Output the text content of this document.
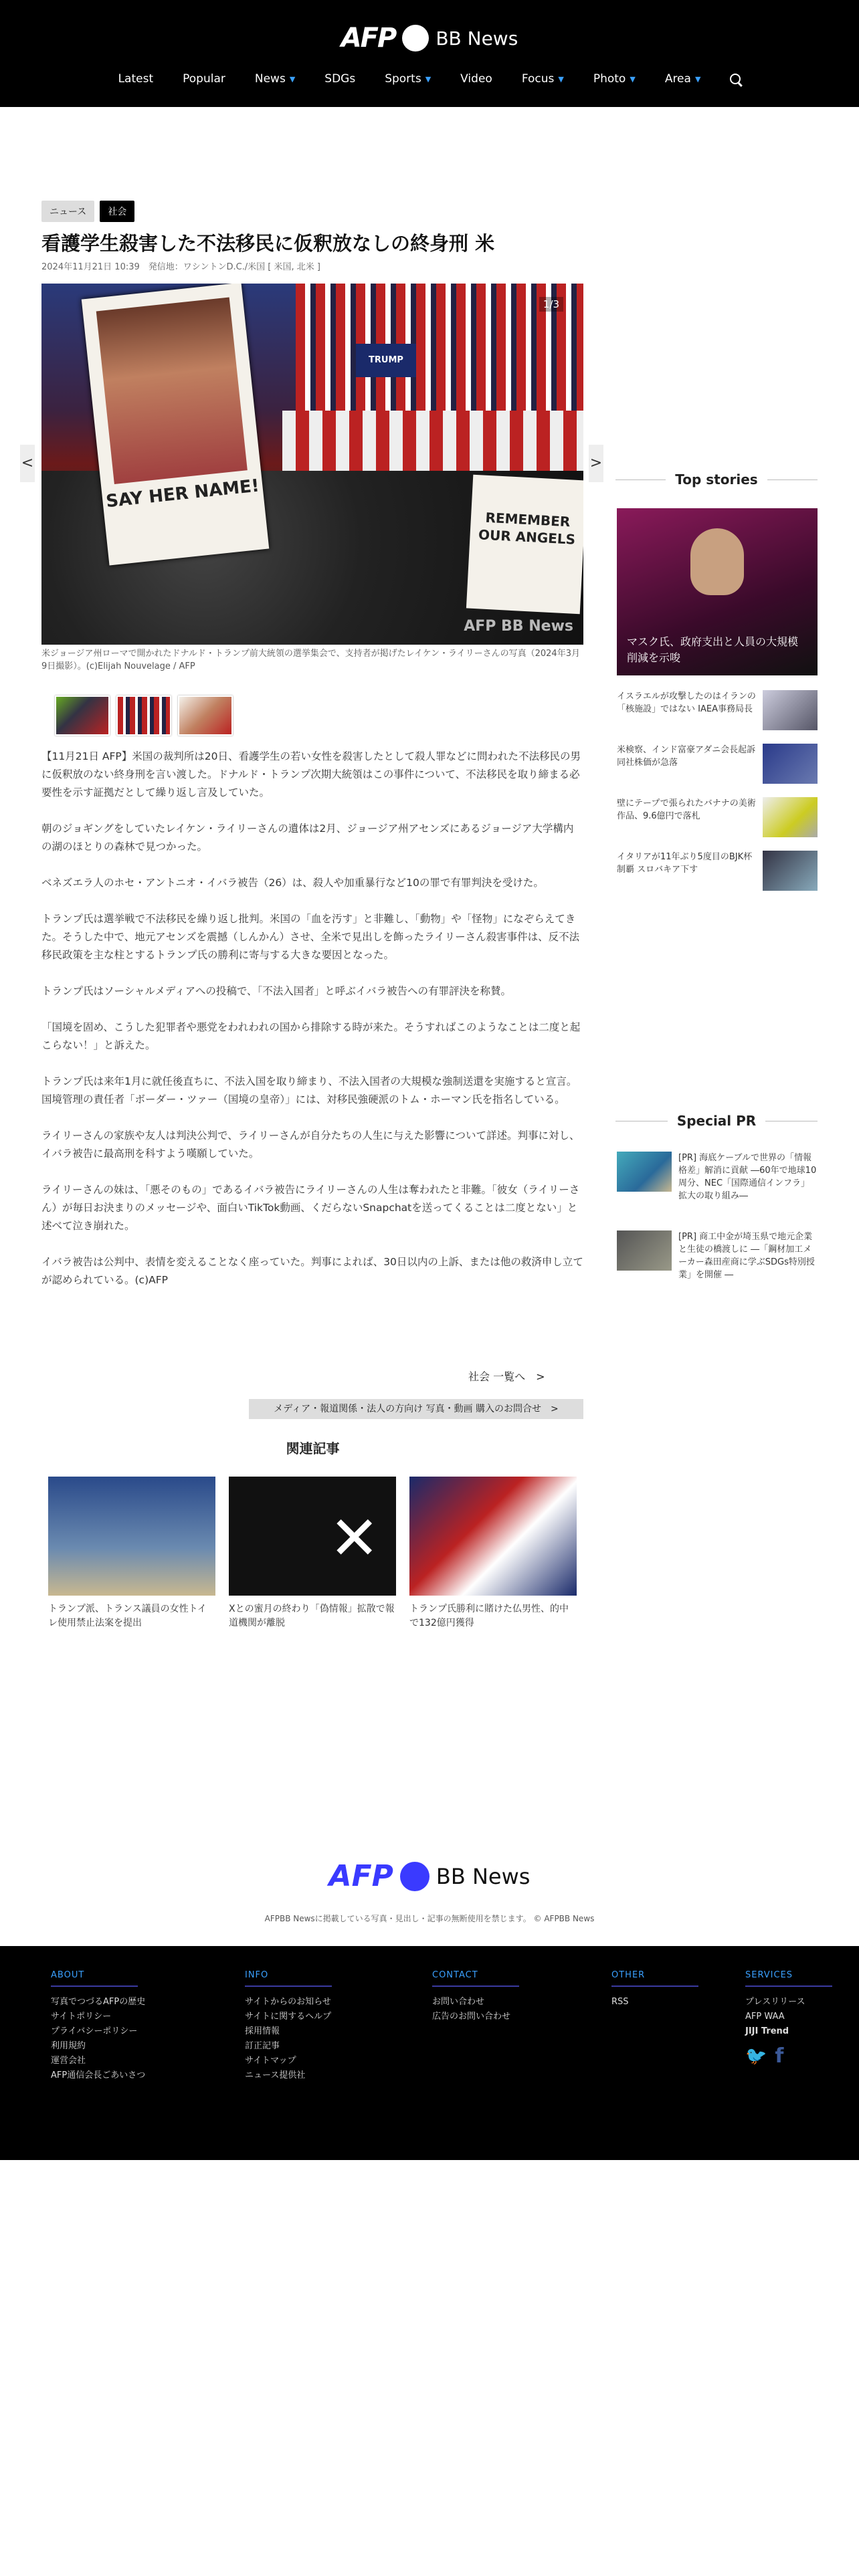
AFP BB News
Latest	Popular	News ▼	SDGs	Sports ▼	Video	Focus ▼	Photo ▼	Area ▼
ニュース	社会
看護学生殺害した不法移民に仮釈放なしの終身刑 米
2024年11月21日 10:39　発信地：ワシントンD.C./米国 [ 米国, 北米 ]
<	>
TRUMP
SAY HER NAME!
REMEMBER OUR ANGELS
1/3
AFP BB News
米ジョージア州ローマで開かれたドナルド・トランプ前大統領の選挙集会で、支持者が掲げたレイケン・ライリーさんの写真（2024年3月9日撮影）。(c)Elijah Nouvelage / AFP

【11月21日 AFP】米国の裁判所は20日、看護学生の若い女性を殺害したとして殺人罪などに問われた不法移民の男に仮釈放のない終身刑を言い渡した。ドナルド・トランプ次期大統領はこの事件について、不法移民を取り締まる必要性を示す証拠だとして繰り返し言及していた。

朝のジョギングをしていたレイケン・ライリーさんの遺体は2月、ジョージア州アセンズにあるジョージア大学構内の湖のほとりの森林で見つかった。

ベネズエラ人のホセ・アントニオ・イバラ被告（26）は、殺人や加重暴行など10の罪で有罪判決を受けた。

トランプ氏は選挙戦で不法移民を繰り返し批判。米国の「血を汚す」と非難し、「動物」や「怪物」になぞらえてきた。そうした中で、地元アセンズを震撼（しんかん）させ、全米で見出しを飾ったライリーさん殺害事件は、反不法移民政策を主な柱とするトランプ氏の勝利に寄与する大きな要因となった。

トランプ氏はソーシャルメディアへの投稿で、「不法入国者」と呼ぶイバラ被告への有罪評決を称賛。

「国境を固め、こうした犯罪者や悪党をわれわれの国から排除する時が来た。そうすればこのようなことは二度と起こらない！」と訴えた。

トランプ氏は来年1月に就任後直ちに、不法入国を取り締まり、不法入国者の大規模な強制送還を実施すると宣言。国境管理の責任者「ボーダー・ツァー（国境の皇帝）」には、対移民強硬派のトム・ホーマン氏を指名している。

ライリーさんの家族や友人は判決公判で、ライリーさんが自分たちの人生に与えた影響について詳述。判事に対し、イバラ被告に最高刑を科すよう嘆願していた。

ライリーさんの妹は、「悪そのもの」であるイバラ被告にライリーさんの人生は奪われたと非難。「彼女（ライリーさん）が毎日お決まりのメッセージや、面白いTikTok動画、くだらないSnapchatを送ってくることは二度とない」と述べて泣き崩れた。

イバラ被告は公判中、表情を変えることなく座っていた。判事によれば、30日以内の上訴、または他の救済申し立てが認められている。(c)AFP

社会 一覧へ　>
メディア・報道関係・法人の方向け 写真・動画 購入のお問合せ　>
関連記事
トランプ派、トランス議員の女性トイレ使用禁止法案を提出
✕
Xとの蜜月の終わり「偽情報」拡散で報道機関が離脱
トランプ氏勝利に賭けた仏男性、的中で132億円獲得
Top stories
マスク氏、政府支出と人員の大規模削減を示唆
イスラエルが攻撃したのはイランの「核施設」ではない IAEA事務局長
米検察、インド富豪アダニ会長起訴 同社株価が急落
壁にテープで張られたバナナの美術作品、9.6億円で落札
イタリアが11年ぶり5度目のBJK杯制覇 スロバキア下す
Special PR
[PR] 海底ケーブルで世界の「情報格差」解消に貢献 ―60年で地球10周分、NEC「国際通信インフラ」拡大の取り組み―
[PR] 商工中金が埼玉県で地元企業と生徒の橋渡しに ―「鋼材加工メーカー森田産商に学ぶSDGs特別授業」を開催 ―
AFP BB News
AFPBB Newsに掲載している写真・見出し・記事の無断使用を禁じます。 © AFPBB News
ABOUT
写真でつづるAFPの歴史
サイトポリシー
プライバシーポリシー
利用規約
運営会社
AFP通信会長ごあいさつ
INFO
サイトからのお知らせ
サイトに関するヘルプ
採用情報
訂正記事
サイトマップ
ニュース提供社
CONTACT
お問い合わせ
広告のお問い合わせ
OTHER
RSS
SERVICES
プレスリリース
AFP WAA
JIJI Trend
🐦 f
